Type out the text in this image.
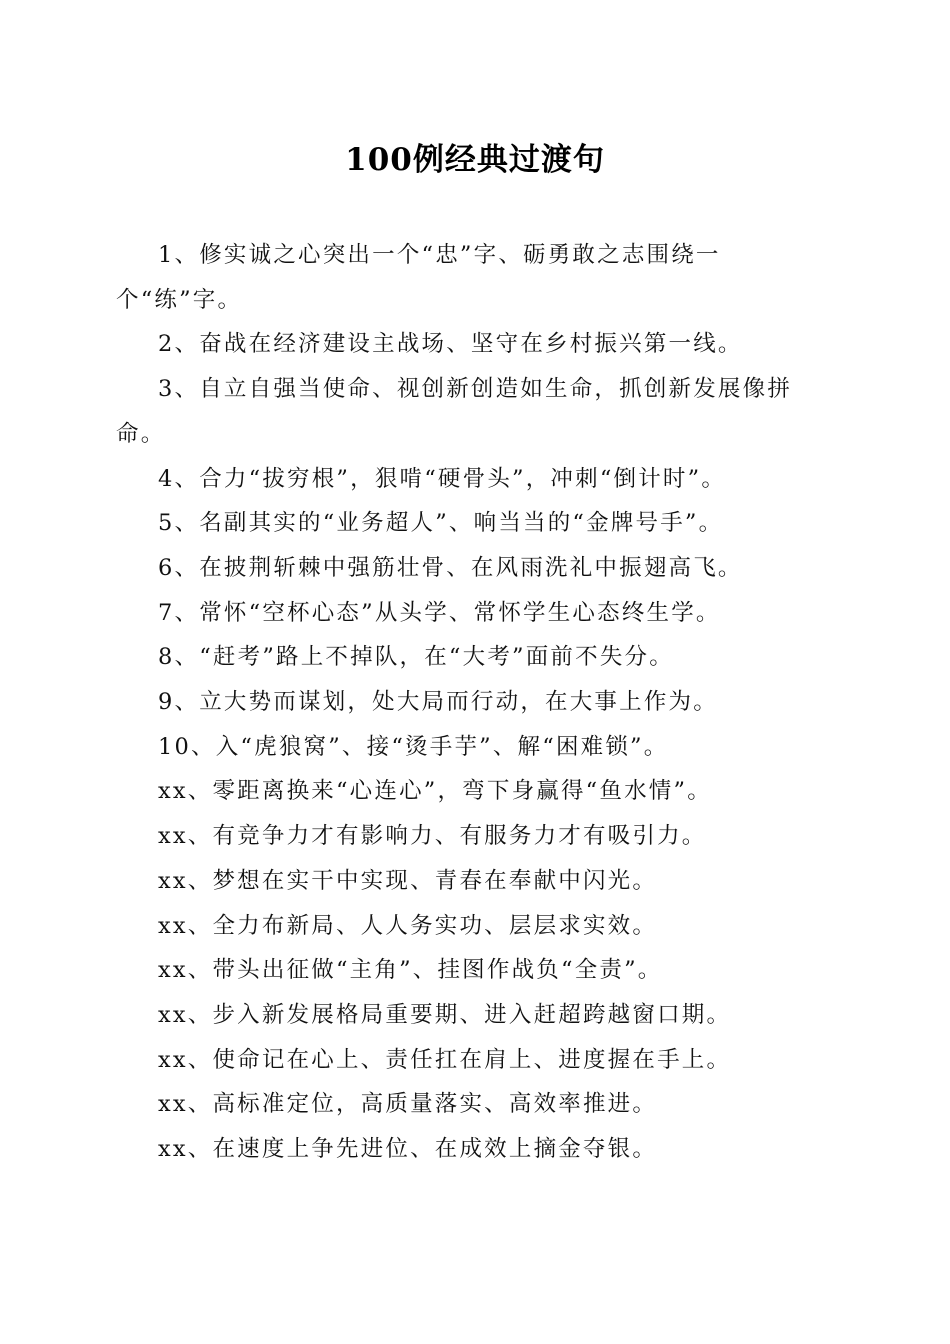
100例经典过渡句

1、修实诚之心突出一个“忠”字、砺勇敢之志围绕一个“练”字。

2、奋战在经济建设主战场、坚守在乡村振兴第一线。

3、自立自强当使命、视创新创造如生命，抓创新发展像拼命。

4、合力“拔穷根”，狠啃“硬骨头”，冲刺“倒计时”。

5、名副其实的“业务超人”、响当当的“金牌号手”。

6、在披荆斩棘中强筋壮骨、在风雨洗礼中振翅高飞。

7、常怀“空杯心态”从头学、常怀学生心态终生学。

8、“赶考”路上不掉队，在“大考”面前不失分。

9、立大势而谋划，处大局而行动，在大事上作为。

10、入“虎狼窝”、接“烫手芋”、解“困难锁”。

xx、零距离换来“心连心”，弯下身赢得“鱼水情”。

xx、有竞争力才有影响力、有服务力才有吸引力。

xx、梦想在实干中实现、青春在奉献中闪光。

xx、全力布新局、人人务实功、层层求实效。

xx、带头出征做“主角”、挂图作战负“全责”。

xx、步入新发展格局重要期、进入赶超跨越窗口期。

xx、使命记在心上、责任扛在肩上、进度握在手上。

xx、高标准定位，高质量落实、高效率推进。

xx、在速度上争先进位、在成效上摘金夺银。
